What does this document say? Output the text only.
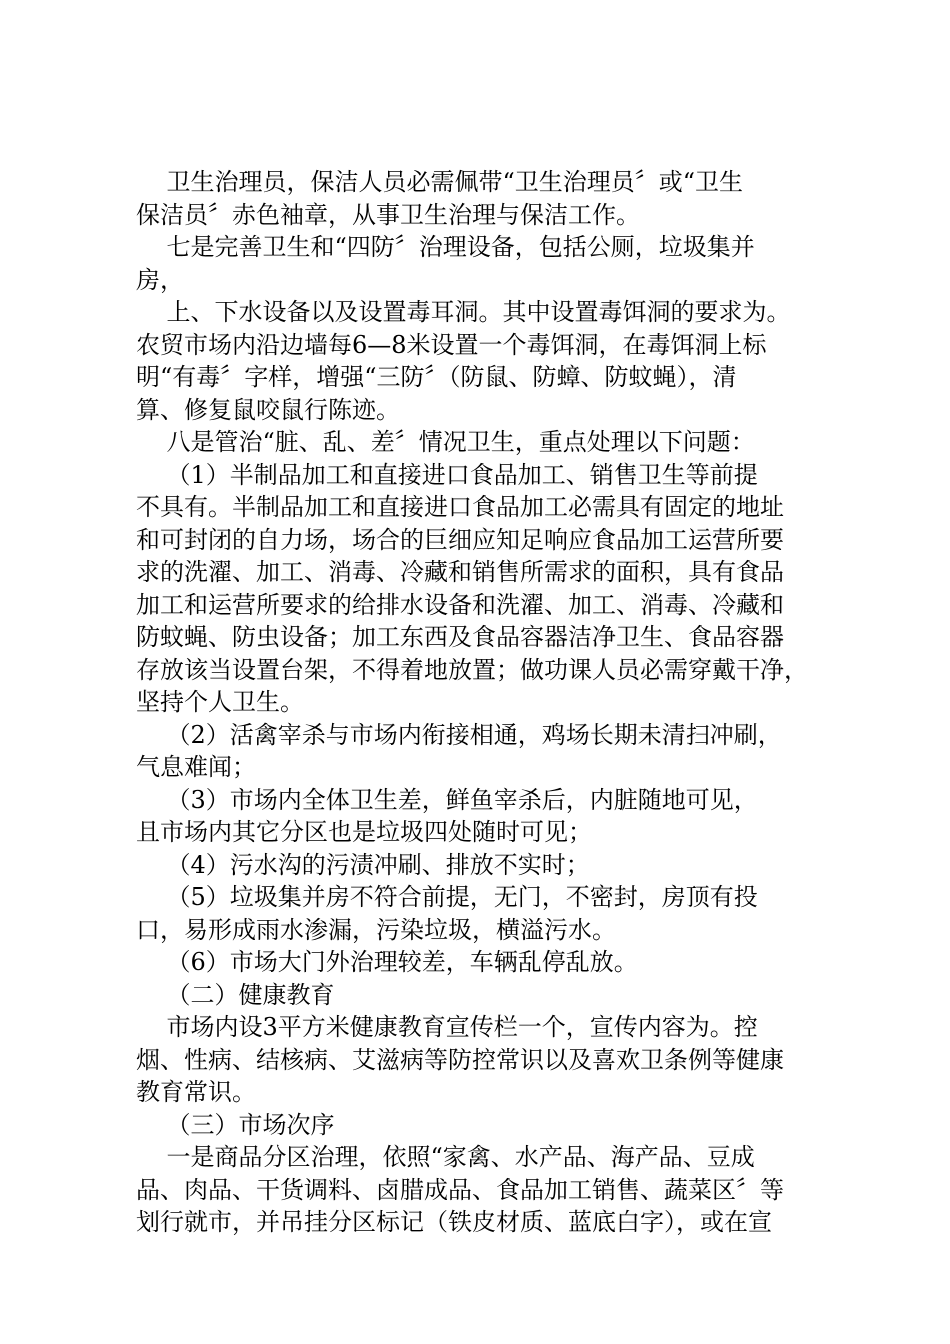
卫生治理员，保洁人员必需佩带“卫生治理员〞或“卫生
保洁员〞赤色袖章，从事卫生治理与保洁工作。
七是完善卫生和“四防〞治理设备，包括公厕，垃圾集并
房，
上、下水设备以及设置毒耳洞。其中设置毒饵洞的要求为。
农贸市场内沿边墙每6—8米设置一个毒饵洞，在毒饵洞上标
明“有毒〞字样，增强“三防〞（防鼠、防蟑、防蚊蝇），清
算、修复鼠咬鼠行陈迹。
八是管治“脏、乱、差〞情况卫生，重点处理以下问题：
（1）半制品加工和直接进口食品加工、销售卫生等前提
不具有。半制品加工和直接进口食品加工必需具有固定的地址
和可封闭的自力场，场合的巨细应知足响应食品加工运营所要
求的洗濯、加工、消毒、冷藏和销售所需求的面积，具有食品
加工和运营所要求的给排水设备和洗濯、加工、消毒、冷藏和
防蚊蝇、防虫设备；加工东西及食品容器洁净卫生、食品容器
存放该当设置台架，不得着地放置；做功课人员必需穿戴干净，
坚持个人卫生。
（2）活禽宰杀与市场内衔接相通，鸡场长期未清扫冲刷，
气息难闻；
（3）市场内全体卫生差，鲜鱼宰杀后，内脏随地可见，
且市场内其它分区也是垃圾四处随时可见；
（4）污水沟的污渍冲刷、排放不实时；
（5）垃圾集并房不符合前提，无门，不密封，房顶有投
口，易形成雨水渗漏，污染垃圾，横溢污水。
（6）市场大门外治理较差，车辆乱停乱放。
（二）健康教育
市场内设3平方米健康教育宣传栏一个，宣传内容为。控
烟、性病、结核病、艾滋病等防控常识以及喜欢卫条例等健康
教育常识。
（三）市场次序
一是商品分区治理，依照“家禽、水产品、海产品、豆成
品、肉品、干货调料、卤腊成品、食品加工销售、蔬菜区〞等
划行就市，并吊挂分区标记（铁皮材质、蓝底白字），或在宣
